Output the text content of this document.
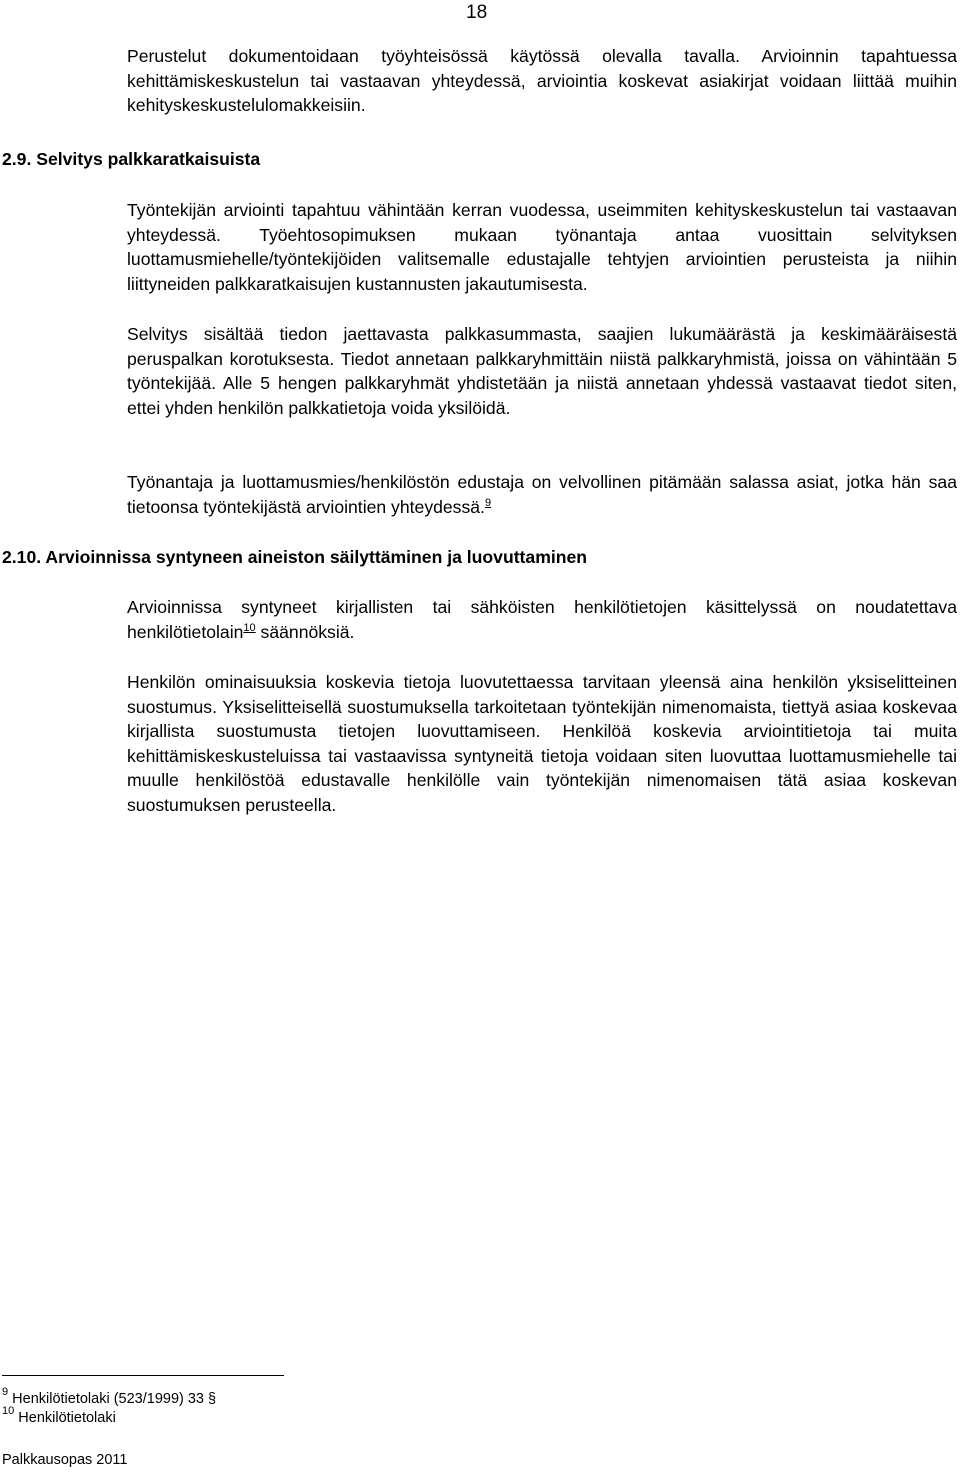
18

Perustelut dokumentoidaan työyhteisössä käytössä olevalla tavalla. Arvioinnin tapahtuessa kehittämiskeskustelun tai vastaavan yhteydessä, arviointia koskevat asiakirjat voidaan liittää muihin kehityskeskustelulomakkeisiin.

2.9. Selvitys palkkaratkaisuista

Työntekijän arviointi tapahtuu vähintään kerran vuodessa, useimmiten kehityskeskustelun tai vastaavan yhteydessä. Työehtosopimuksen mukaan työnantaja antaa vuosittain selvityksen luottamusmiehelle/työntekijöiden valitsemalle edustajalle tehtyjen arviointien perusteista ja niihin liittyneiden palkkaratkaisujen kustannusten jakautumisesta.

Selvitys sisältää tiedon jaettavasta palkkasummasta, saajien lukumäärästä ja keskimääräisestä peruspalkan korotuksesta. Tiedot annetaan palkkaryhmittäin niistä palkkaryhmistä, joissa on vähintään 5 työntekijää. Alle 5 hengen palkkaryhmät yhdistetään ja niistä annetaan yhdessä vastaavat tiedot siten, ettei yhden henkilön palkkatietoja voida yksilöidä.

Työnantaja ja luottamusmies/henkilöstön edustaja on velvollinen pitämään salassa asiat, jotka hän saa tietoonsa työntekijästä arviointien yhteydessä.$^9$

2.10. Arvioinnissa syntyneen aineiston säilyttäminen ja luovuttaminen

Arvioinnissa syntyneet kirjallisten tai sähköisten henkilötietojen käsittelyssä on noudatettava henkilötietolain$^{10}$ säännöksiä.

Henkilön ominaisuuksia koskevia tietoja luovutettaessa tarvitaan yleensä aina henkilön yksiselitteinen suostumus. Yksiselitteisellä suostumuksella tarkoitetaan työntekijän nimenomaista, tiettyä asiaa koskevaa kirjallista suostumusta tietojen luovuttamiseen. Henkilöä koskevia arviointitietoja tai muita kehittämiskeskusteluissa tai vastaavissa syntyneitä tietoja voidaan siten luovuttaa luottamusmiehelle tai muulle henkilöstöä edustavalle henkilölle vain työntekijän nimenomaisen tätä asiaa koskevan suostumuksen perusteella.

$^9$ Henkilötietolaki (523/1999) 33 §
$^{10}$ Henkilötietolaki
Palkkausopas 2011
